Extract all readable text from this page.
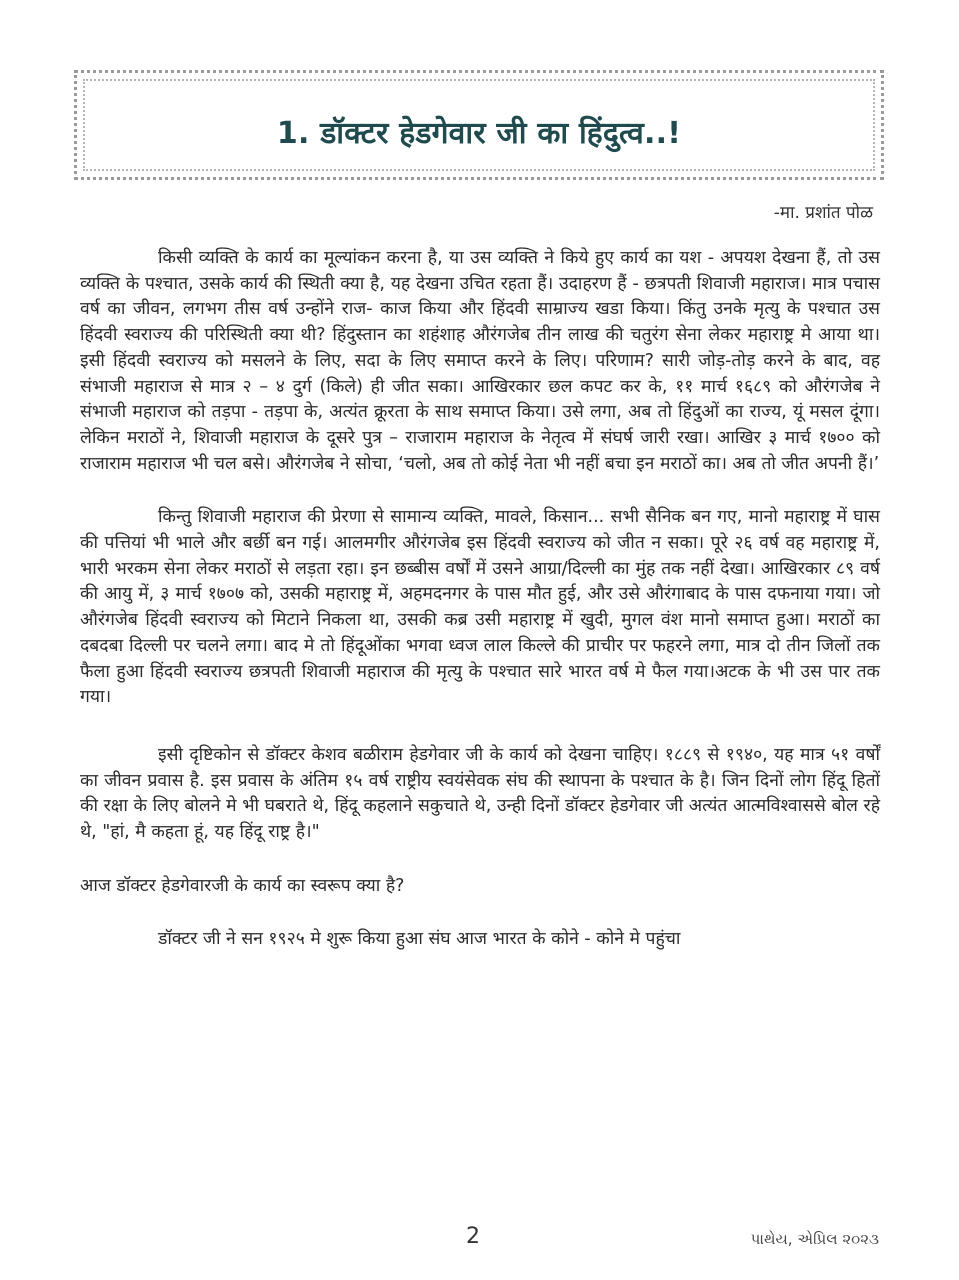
1. डॉक्टर हेडगेवार जी का हिंदुत्व..!
-मा. प्रशांत पोळ

किसी व्यक्ति के कार्य का मूल्यांकन करना है, या उस व्यक्ति ने किये हुए कार्य का यश - अपयश देखना हैं, तो उस व्यक्ति के पश्चात, उसके कार्य की स्थिती क्या है, यह देखना उचित रहता हैं। उदाहरण हैं - छत्रपती शिवाजी महाराज। मात्र पचास वर्ष का जीवन, लगभग तीस वर्ष उन्होंने राज- काज किया और हिंदवी साम्राज्य खडा किया। किंतु उनके मृत्यु के पश्चात उस हिंदवी स्वराज्य की परिस्थिती क्या थी? हिंदुस्तान का शहंशाह औरंगजेब तीन लाख की चतुरंग सेना लेकर महाराष्ट्र मे आया था। इसी हिंदवी स्वराज्य को मसलने के लिए, सदा के लिए समाप्त करने के लिए। परिणाम? सारी जोड़-तोड़ करने के बाद, वह संभाजी महाराज से मात्र २ – ४ दुर्ग (किले) ही जीत सका। आखिरकार छल कपट कर के, ११ मार्च १६८९ को औरंगजेब ने संभाजी महाराज को तड़पा - तड़पा के, अत्यंत क्रूरता के साथ समाप्त किया। उसे लगा, अब तो हिंदुओं का राज्य, यूं मसल दूंगा। लेकिन मराठों ने, शिवाजी महाराज के दूसरे पुत्र – राजाराम महाराज के नेतृत्व में संघर्ष जारी रखा। आखिर ३ मार्च १७०० को राजाराम महाराज भी चल बसे। औरंगजेब ने सोचा, ‘चलो, अब तो कोई नेता भी नहीं बचा इन मराठों का। अब तो जीत अपनी हैं।’

किन्तु शिवाजी महाराज की प्रेरणा से सामान्य व्यक्ति, मावले, किसान... सभी सैनिक बन गए, मानो महाराष्ट्र में घास की पत्तियां भी भाले और बर्छी बन गई। आलमगीर औरंगजेब इस हिंदवी स्वराज्य को जीत न सका। पूरे २६ वर्ष वह महाराष्ट्र में, भारी भरकम सेना लेकर मराठों से लड़ता रहा। इन छब्बीस वर्षों में उसने आग्रा/दिल्ली का मुंह तक नहीं देखा। आखिरकार ८९ वर्ष की आयु में, ३ मार्च १७०७ को, उसकी महाराष्ट्र में, अहमदनगर के पास मौत हुई, और उसे औरंगाबाद के पास दफनाया गया। जो औरंगजेब हिंदवी स्वराज्य को मिटाने निकला था, उसकी कब्र उसी महाराष्ट्र में खुदी, मुगल वंश मानो समाप्त हुआ। मराठों का दबदबा दिल्ली पर चलने लगा। बाद मे तो हिंदूओंका भगवा ध्वज लाल किल्ले की प्राचीर पर फहरने लगा, मात्र दो तीन जिलों तक फैला हुआ हिंदवी स्वराज्य छत्रपती शिवाजी महाराज की मृत्यु के पश्चात सारे भारत वर्ष मे फैल गया।अटक के भी उस पार तक गया।

इसी दृष्टिकोन से डॉक्टर केशव बळीराम हेडगेवार जी के कार्य को देखना चाहिए। १८८९ से १९४०, यह मात्र ५१ वर्षों का जीवन प्रवास है. इस प्रवास के अंतिम १५ वर्ष राष्ट्रीय स्वयंसेवक संघ की स्थापना के पश्चात के है। जिन दिनों लोग हिंदू हितों की रक्षा के लिए बोलने मे भी घबराते थे, हिंदू कहलाने सकुचाते थे, उन्ही दिनों डॉक्टर हेडगेवार जी अत्यंत आत्मविश्वाससे बोल रहे थे, "हां, मै कहता हूं, यह हिंदू राष्ट्र है।"

आज डॉक्टर हेडगेवारजी के कार्य का स्वरूप क्या है?

डॉक्टर जी ने सन १९२५ मे शुरू किया हुआ संघ आज भारत के कोने - कोने मे पहुंचा

2	પાથેય, એપ્રિલ ૨૦૨૩
